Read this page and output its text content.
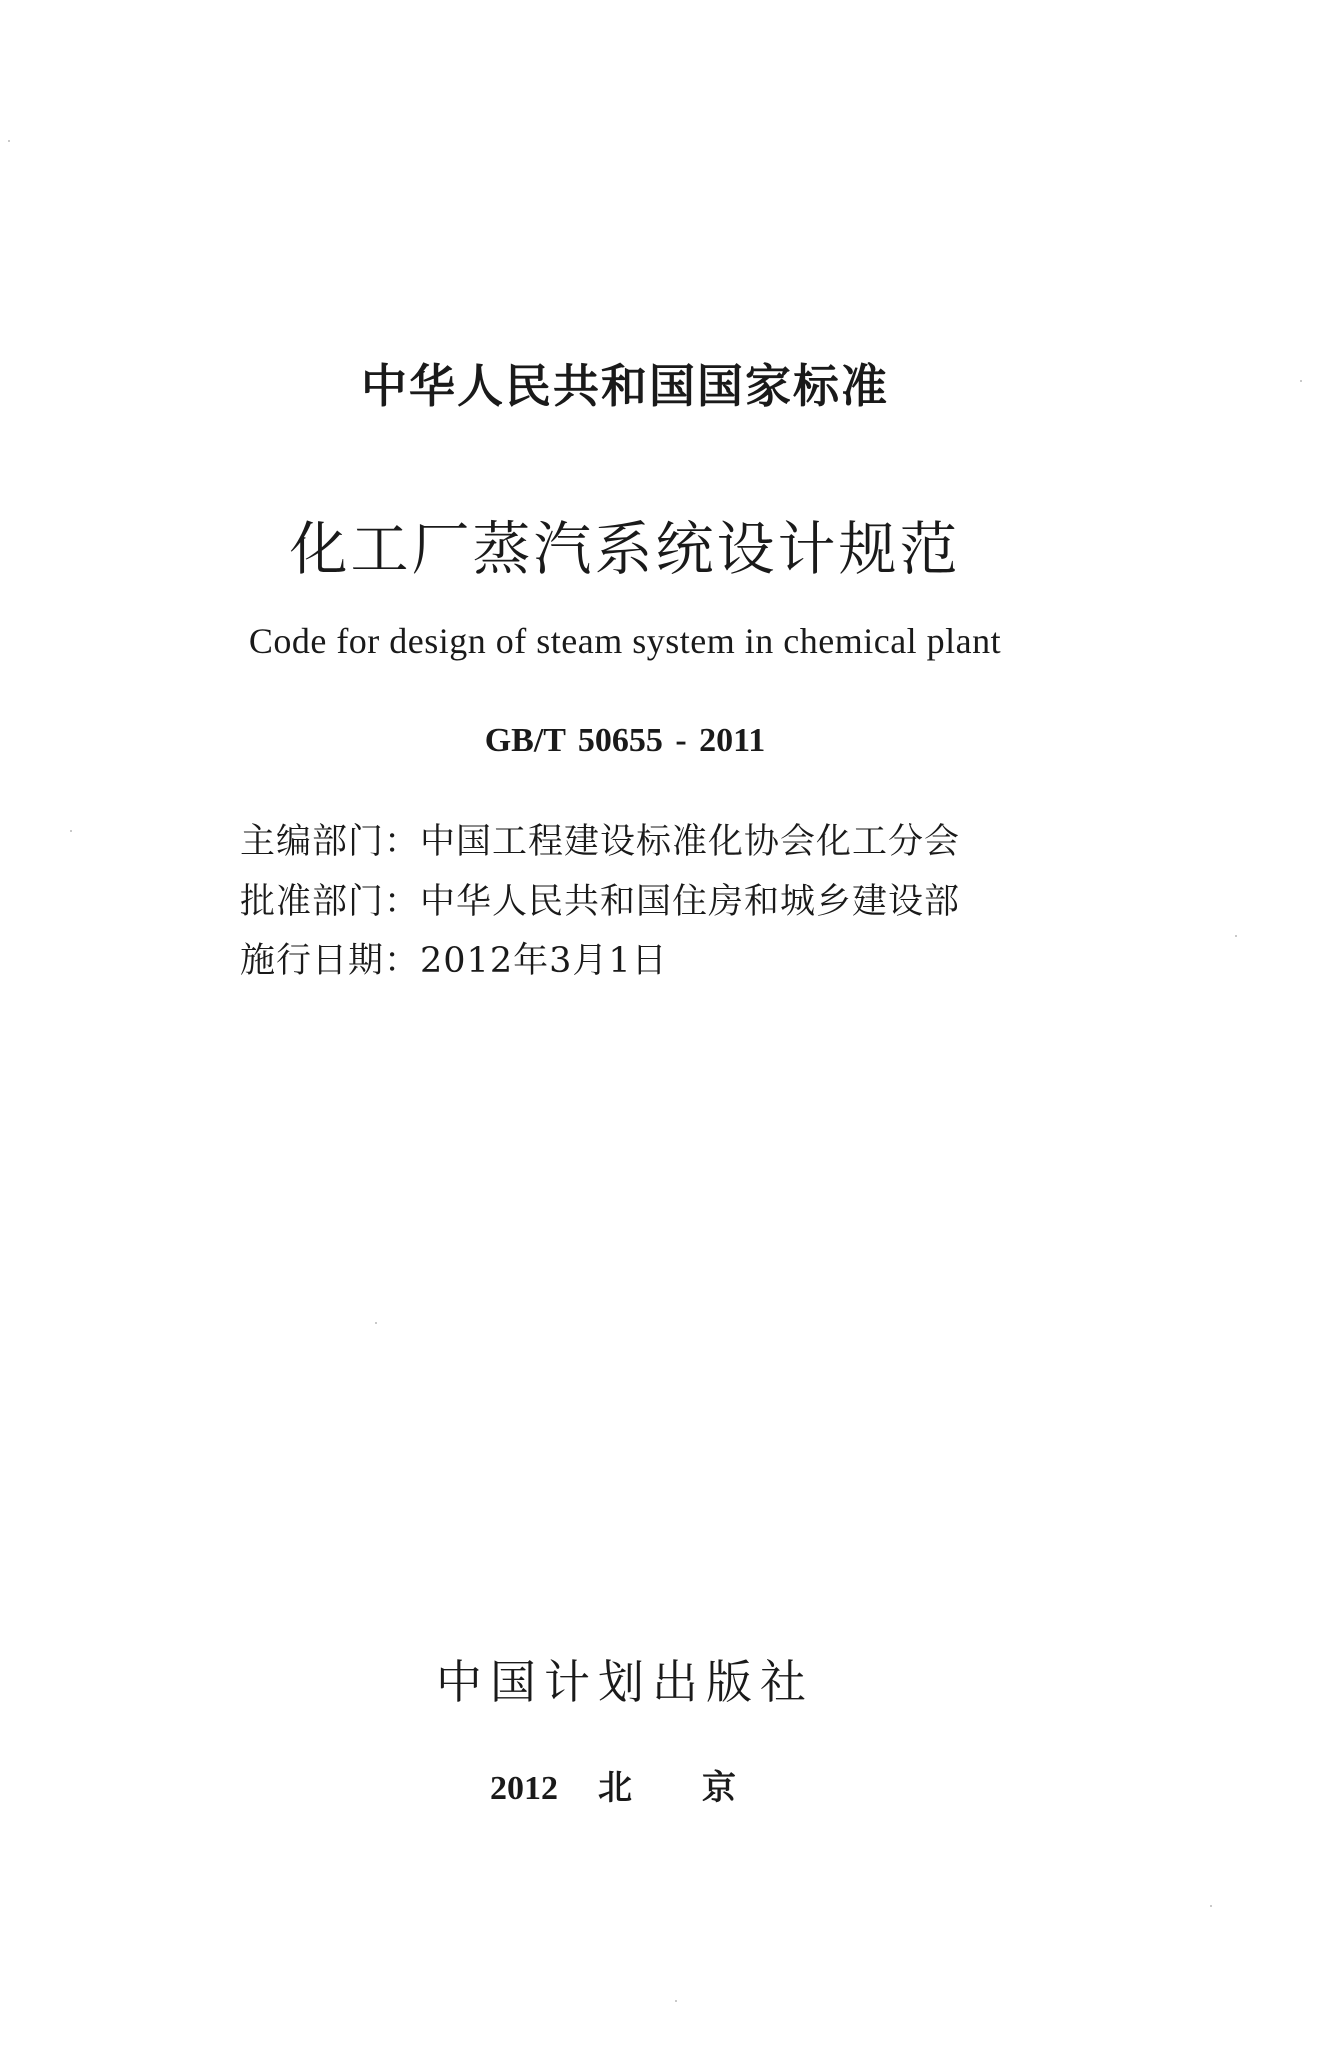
中华人民共和国国家标准
化工厂蒸汽系统设计规范
Code for design of steam system in chemical plant
GB/T 50655 - 2011
主编部门：中国工程建设标准化协会化工分会
批准部门：中华人民共和国住房和城乡建设部
施行日期：2012年3月1日
中国计划出版社
2012 北京
